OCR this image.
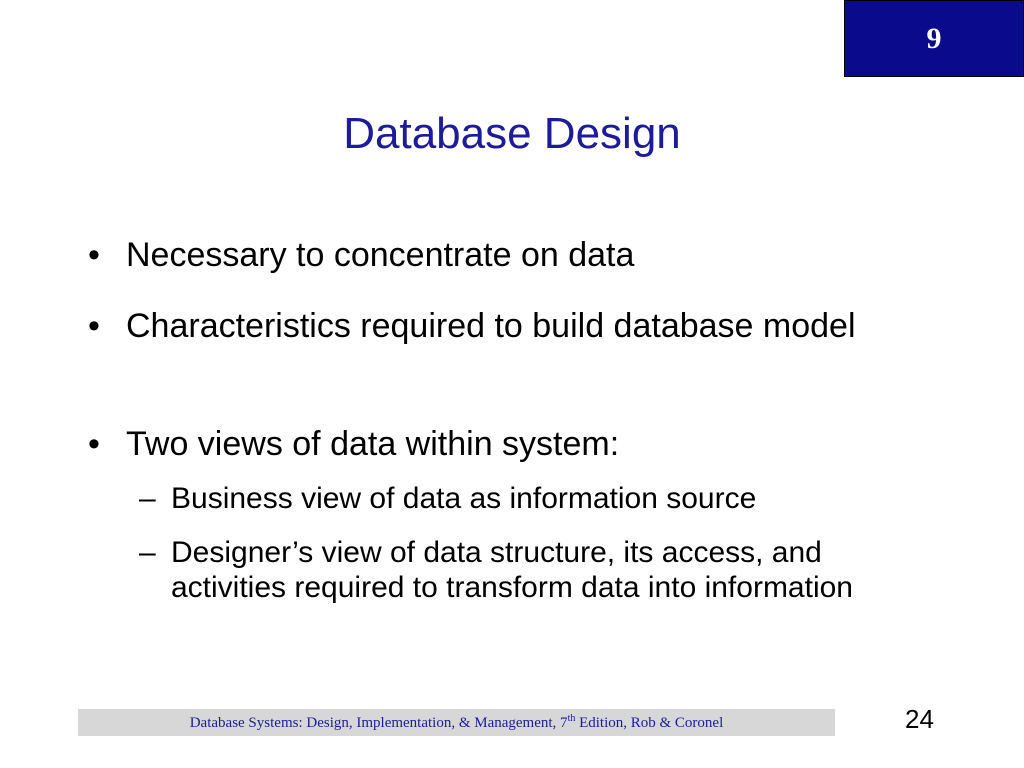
9
Database Design
• Necessary to concentrate on data
• Characteristics required to build database model
• Two views of data within system:
– Business view of data as information source
– Designer’s view of data structure, its access, and activities required to transform data into information
Database Systems: Design, Implementation, & Management, 7th Edition, Rob & Coronel	24
